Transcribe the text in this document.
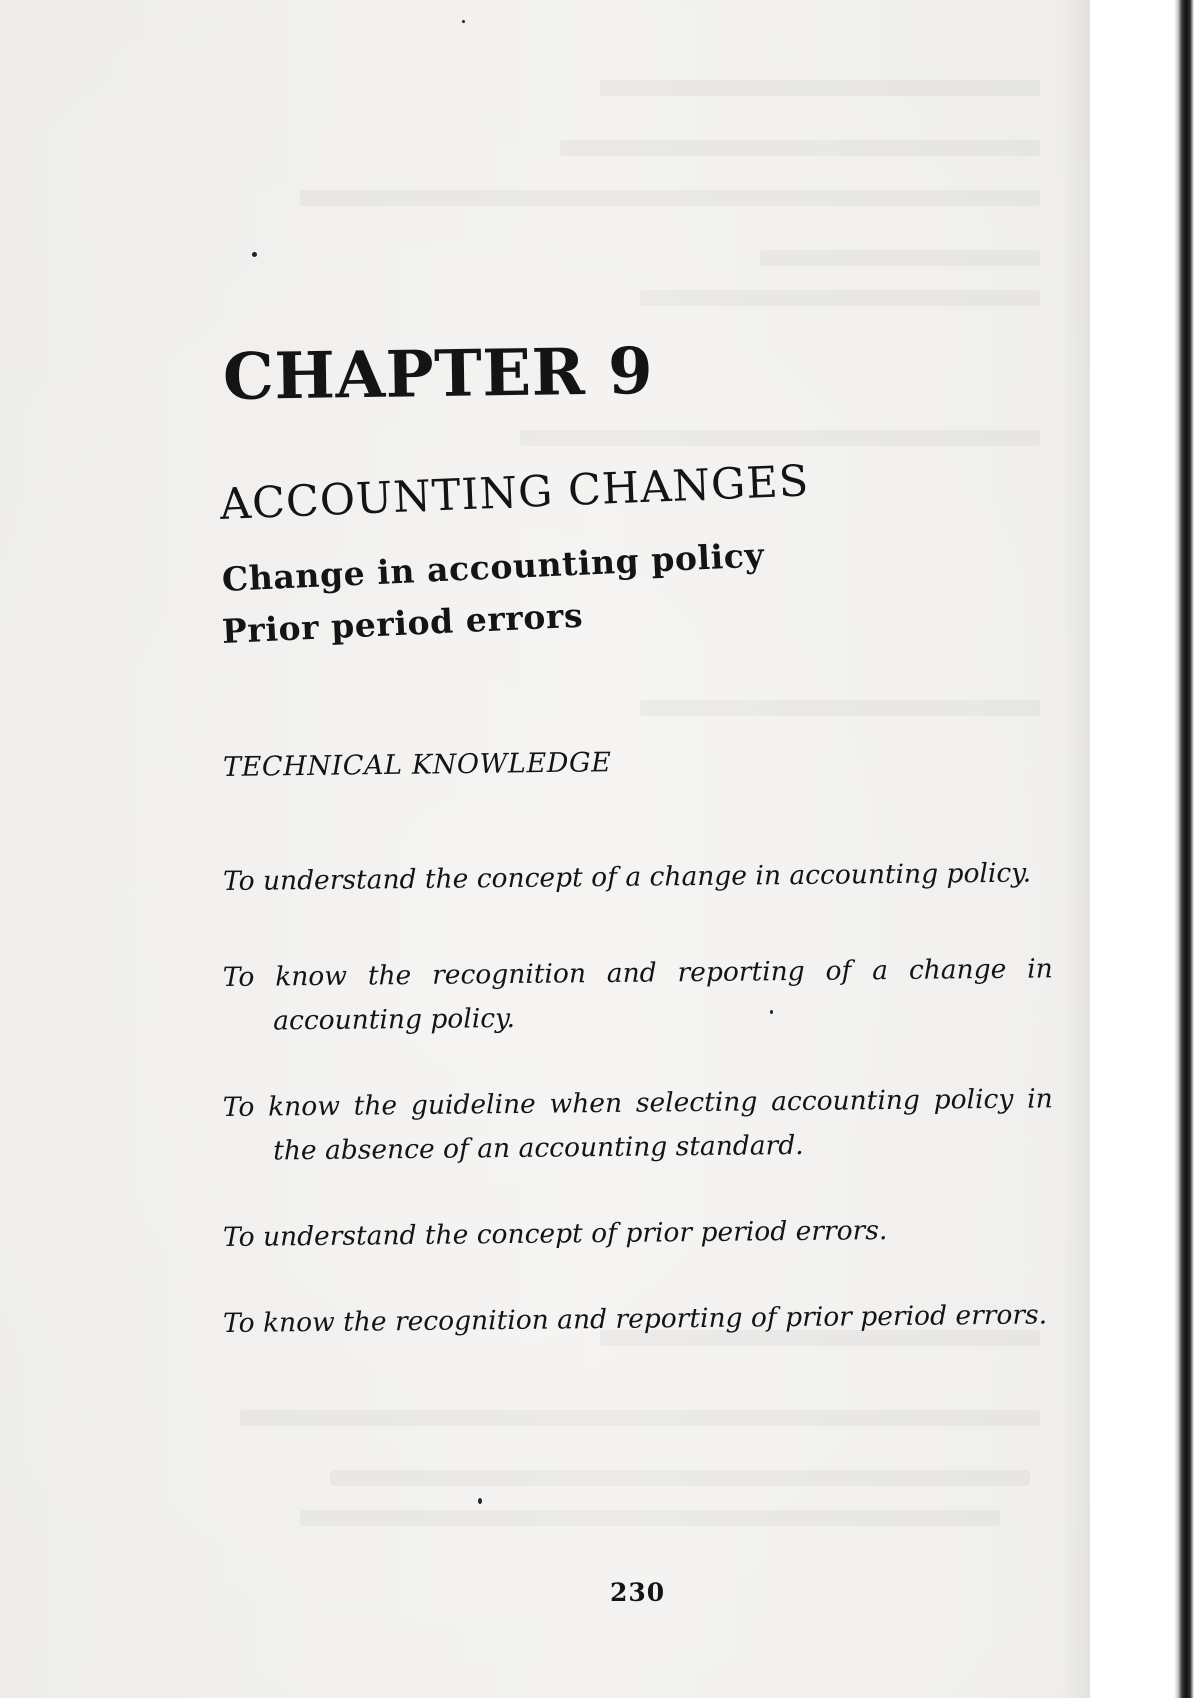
CHAPTER 9
ACCOUNTING CHANGES
Change in accounting policy
Prior period errors
TECHNICAL KNOWLEDGE
To understand the concept of a change in accounting policy.
To know the recognition and reporting of a change in accounting policy.
To know the guideline when selecting accounting policy in the absence of an accounting standard.
To understand the concept of prior period errors.
To know the recognition and reporting of prior period errors.
230
